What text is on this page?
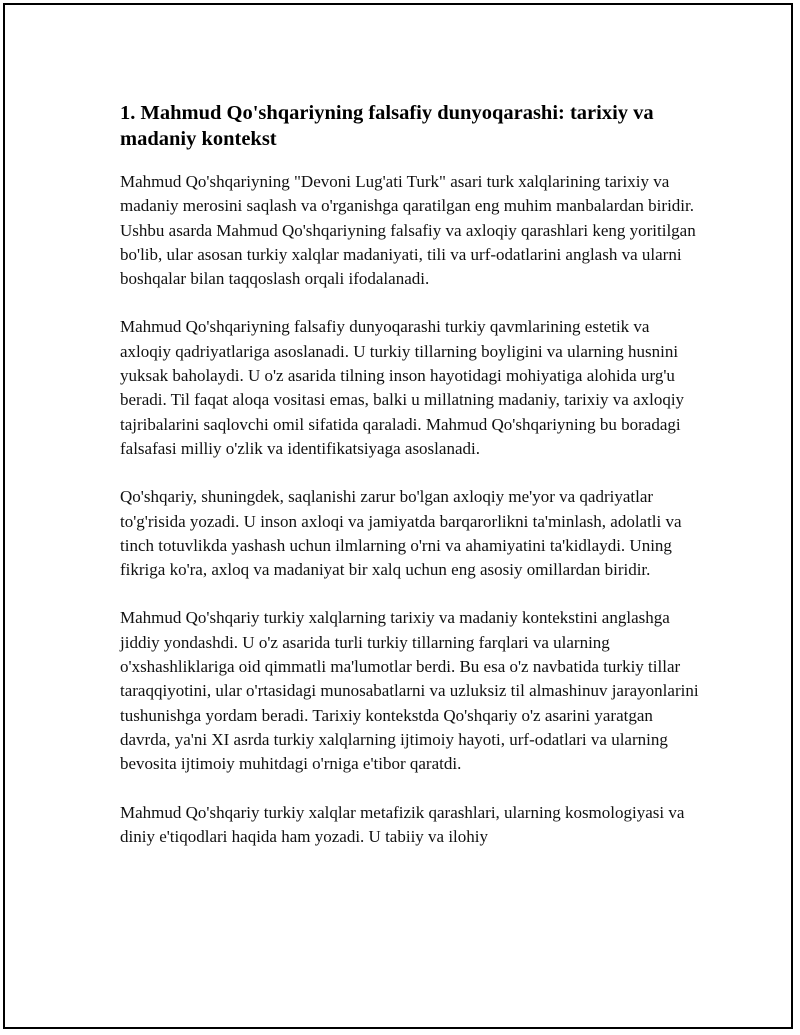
1. Mahmud Qo'shqariyning falsafiy dunyoqarashi: tarixiy va madaniy kontekst

Mahmud Qo'shqariyning "Devoni Lug'ati Turk" asari turk xalqlarining tarixiy va madaniy merosini saqlash va o'rganishga qaratilgan eng muhim manbalardan biridir. Ushbu asarda Mahmud Qo'shqariyning falsafiy va axloqiy qarashlari keng yoritilgan bo'lib, ular asosan turkiy xalqlar madaniyati, tili va urf-odatlarini anglash va ularni boshqalar bilan taqqoslash orqali ifodalanadi.

Mahmud Qo'shqariyning falsafiy dunyoqarashi turkiy qavmlarining estetik va axloqiy qadriyatlariga asoslanadi. U turkiy tillarning boyligini va ularning husnini yuksak baholaydi. U o'z asarida tilning inson hayotidagi mohiyatiga alohida urg'u beradi. Til faqat aloqa vositasi emas, balki u millatning madaniy, tarixiy va axloqiy tajribalarini saqlovchi omil sifatida qaraladi. Mahmud Qo'shqariyning bu boradagi falsafasi milliy o'zlik va identifikatsiyaga asoslanadi.

Qo'shqariy, shuningdek, saqlanishi zarur bo'lgan axloqiy me'yor va qadriyatlar to'g'risida yozadi. U inson axloqi va jamiyatda barqarorlikni ta'minlash, adolatli va tinch totuvlikda yashash uchun ilmlarning o'rni va ahamiyatini ta'kidlaydi. Uning fikriga ko'ra, axloq va madaniyat bir xalq uchun eng asosiy omillardan biridir.

Mahmud Qo'shqariy turkiy xalqlarning tarixiy va madaniy kontekstini anglashga jiddiy yondashdi. U o'z asarida turli turkiy tillarning farqlari va ularning o'xshashliklariga oid qimmatli ma'lumotlar berdi. Bu esa o'z navbatida turkiy tillar taraqqiyotini, ular o'rtasidagi munosabatlarni va uzluksiz til almashinuv jarayonlarini tushunishga yordam beradi. Tarixiy kontekstda Qo'shqariy o'z asarini yaratgan davrda, ya'ni XI asrda turkiy xalqlarning ijtimoiy hayoti, urf-odatlari va ularning bevosita ijtimoiy muhitdagi o'rniga e'tibor qaratdi.

Mahmud Qo'shqariy turkiy xalqlar metafizik qarashlari, ularning kosmologiyasi va diniy e'tiqodlari haqida ham yozadi. U tabiiy va ilohiy
